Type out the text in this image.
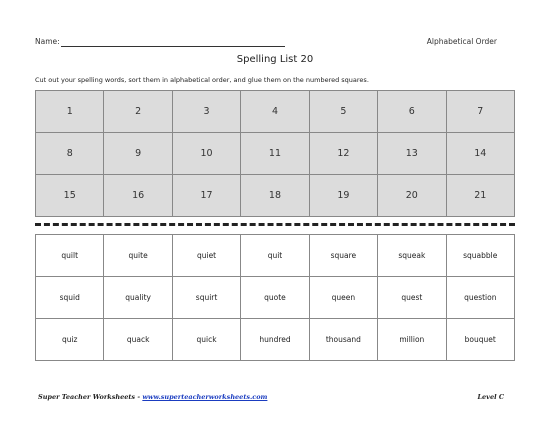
Name:	Alphabetical Order
Spelling List 20
Cut out your spelling words, sort them in alphabetical order, and glue them on the numbered squares.
1	2	3	4	5	6	7
8	9	10	11	12	13	14
15	16	17	18	19	20	21
quilt	quite	quiet	quit	square	squeak	squabble
squid	quality	squirt	quote	queen	quest	question
quiz	quack	quick	hundred	thousand	million	bouquet
Super Teacher Worksheets - www.superteacherworksheets.com	Level C
